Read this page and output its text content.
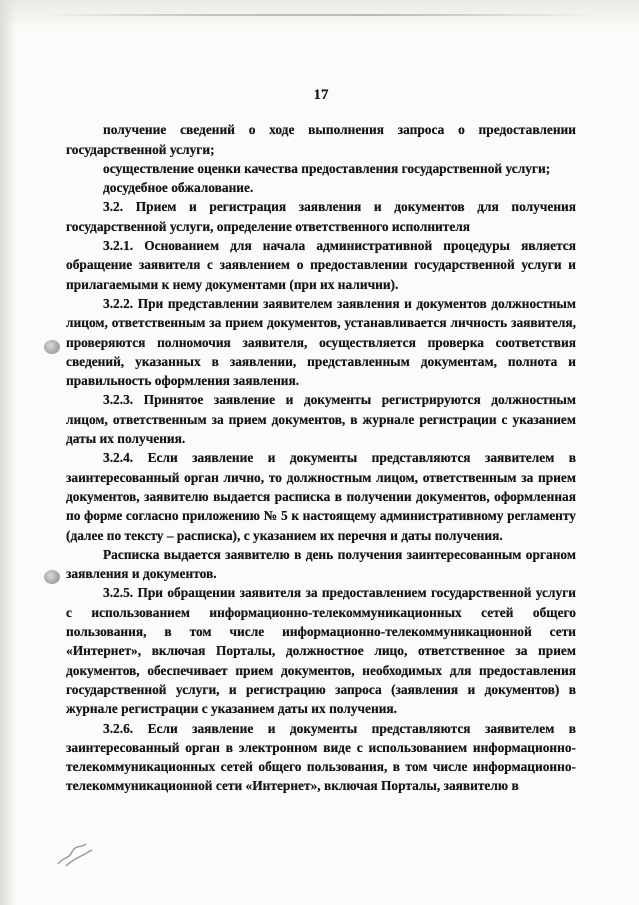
17

получение сведений о ходе выполнения запроса о предоставлении государственной услуги;

осуществление оценки качества предоставления государственной услуги;

досудебное обжалование.

3.2. Прием и регистрация заявления и документов для получения государственной услуги, определение ответственного исполнителя

3.2.1. Основанием для начала административной процедуры является обращение заявителя с заявлением о предоставлении государственной услуги и прилагаемыми к нему документами (при их наличии).

3.2.2. При представлении заявителем заявления и документов должностным лицом, ответственным за прием документов, устанавливается личность заявителя, проверяются полномочия заявителя, осуществляется проверка соответствия сведений, указанных в заявлении, представленным документам, полнота и правильность оформления заявления.

3.2.3. Принятое заявление и документы регистрируются должностным лицом, ответственным за прием документов, в журнале регистрации с указанием даты их получения.

3.2.4. Если заявление и документы представляются заявителем в заинтересованный орган лично, то должностным лицом, ответственным за прием документов, заявителю выдается расписка в получении документов, оформленная по форме согласно приложению № 5 к настоящему административному регламенту (далее по тексту – расписка), с указанием их перечня и даты получения.

Расписка выдается заявителю в день получения заинтересованным органом заявления и документов.

3.2.5. При обращении заявителя за предоставлением государственной услуги с использованием информационно-телекоммуникационных сетей общего пользования, в том числе информационно-телекоммуникационной сети «Интернет», включая Порталы, должностное лицо, ответственное за прием документов, обеспечивает прием документов, необходимых для предоставления государственной услуги, и регистрацию запроса (заявления и документов) в журнале регистрации с указанием даты их получения.

3.2.6. Если заявление и документы представляются заявителем в заинтересованный орган в электронном виде с использованием информационно-телекоммуникационных сетей общего пользования, в том числе информационно-телекоммуникационной сети «Интернет», включая Порталы, заявителю в
